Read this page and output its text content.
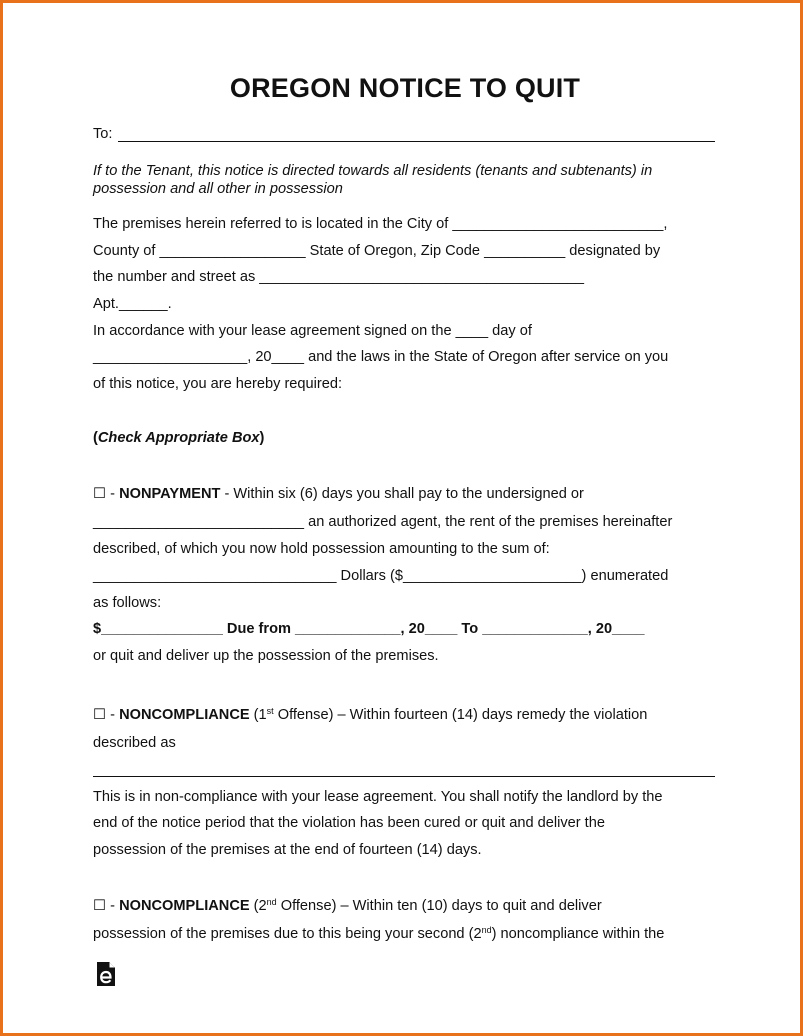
OREGON NOTICE TO QUIT
To:
If to the Tenant, this notice is directed towards all residents (tenants and subtenants) in
possession and all other in possession
The premises herein referred to is located in the City of __________________________,
County of __________________ State of Oregon, Zip Code __________ designated by
the number and street as ________________________________________
Apt.______.
In accordance with your lease agreement signed on the ____ day of
___________________, 20____ and the laws in the State of Oregon after service on you
of this notice, you are hereby required:
(Check Appropriate Box)
☐ - NONPAYMENT - Within six (6) days you shall pay to the undersigned or
__________________________ an authorized agent, the rent of the premises hereinafter
described, of which you now hold possession amounting to the sum of:
______________________________ Dollars ($______________________) enumerated
as follows:
$_______________ Due from _____________, 20____ To _____________, 20____
or quit and deliver up the possession of the premises.
☐ - NONCOMPLIANCE (1st Offense) – Within fourteen (14) days remedy the violation
described as
This is in non-compliance with your lease agreement. You shall notify the landlord by the
end of the notice period that the violation has been cured or quit and deliver the
possession of the premises at the end of fourteen (14) days.
☐ - NONCOMPLIANCE (2nd Offense) – Within ten (10) days to quit and deliver
possession of the premises due to this being your second (2nd) noncompliance within the
